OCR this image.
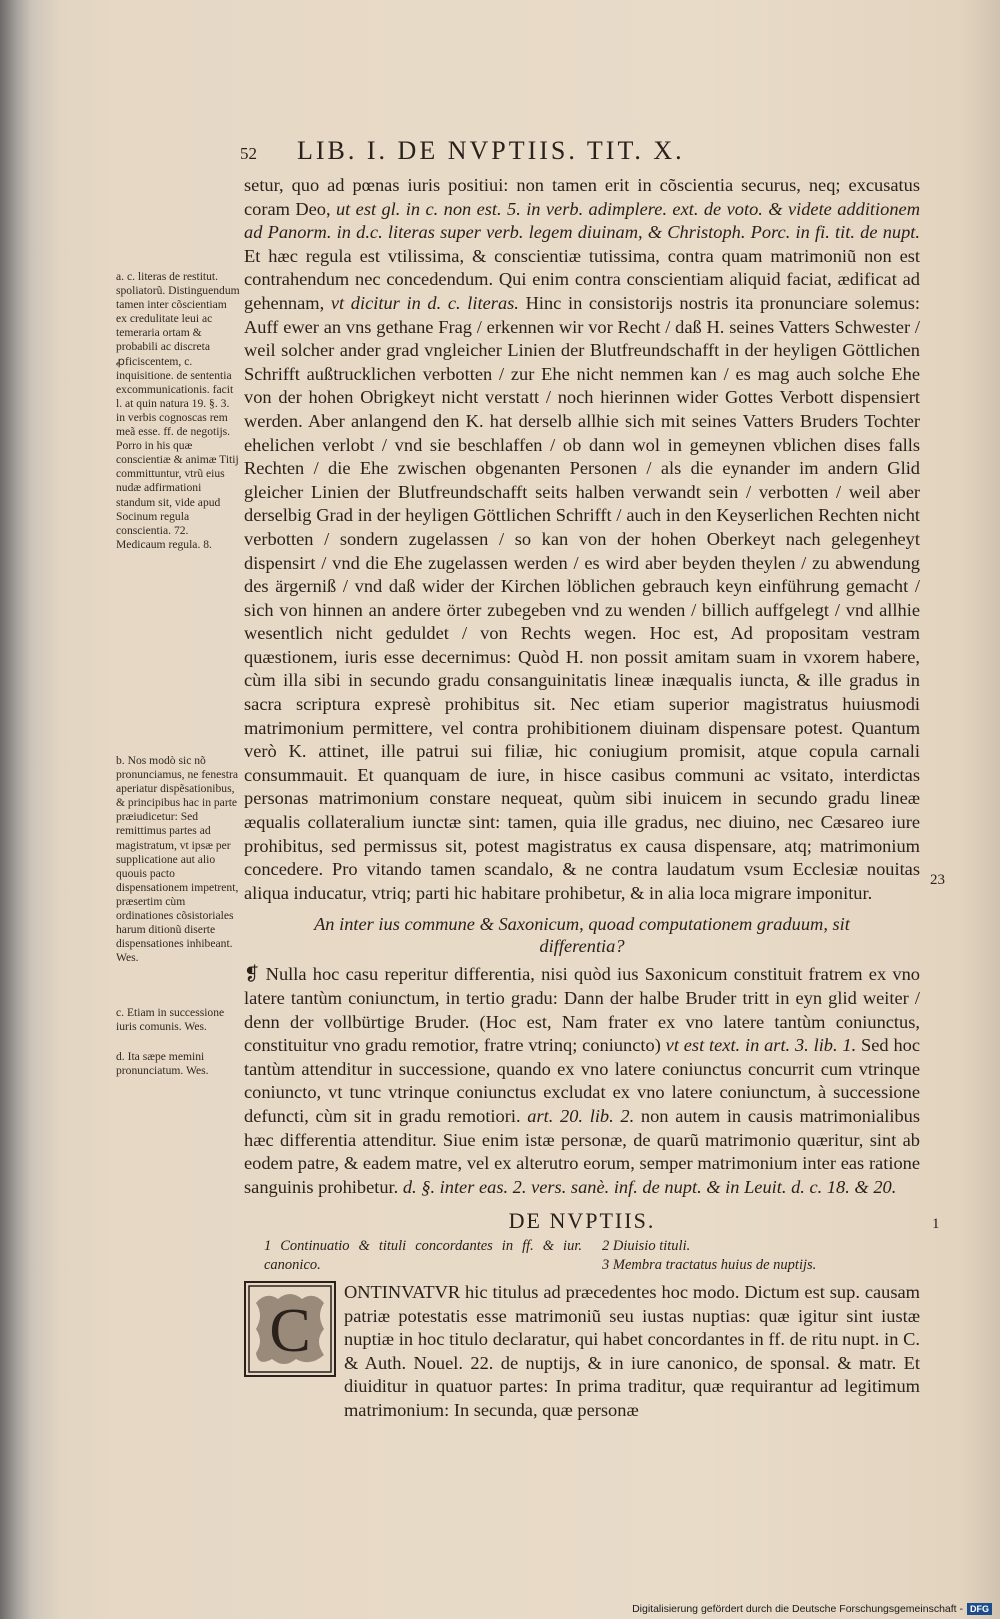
52 LIB. I. DE NVPTIIS. TIT. X.

setur, quo ad pœnas iuris positiui: non tamen erit in cõscientia securus, neq; excusatus coram Deo, ut est gl. in c. non est. 5. in verb. adimplere. ext. de voto. & videte additionem ad Panorm. in d.c. literas super verb. legem diuinam, & Christoph. Porc. in fi. tit. de nupt. Et hæc regula est vtilissima, & conscientiæ tutissima, contra quam matrimoniũ non est contrahendum nec concedendum. Qui enim contra conscientiam aliquid faciat, ædificat ad gehennam, vt dicitur in d. c. literas. Hinc in consistorijs nostris ita pronunciare solemus: Auff ewer an vns gethane Frag / erkennen wir vor Recht / daß H. seines Vatters Schwester / weil solcher ander grad vngleicher Linien der Blutfreundschafft in der heyligen Göttlichen Schrifft außtrucklichen verbotten / zur Ehe nicht nemmen kan / es mag auch solche Ehe von der hohen Obrigkeyt nicht verstatt / noch hierinnen wider Gottes Verbott dispensiert werden. Aber anlangend den K. hat derselb allhie sich mit seines Vatters Bruders Tochter ehelichen verlobt / vnd sie beschlaffen / ob dann wol in gemeynen vblichen dises falls Rechten / die Ehe zwischen obgenanten Personen / als die eynander im andern Glid gleicher Linien der Blutfreundschafft seits halben verwandt sein / verbotten / weil aber derselbig Grad in der heyligen Göttlichen Schrifft / auch in den Keyserlichen Rechten nicht verbotten / sondern zugelassen / so kan von der hohen Oberkeyt nach gelegenheyt dispensirt / vnd die Ehe zugelassen werden / es wird aber beyden theylen / zu abwendung des ärgerniß / vnd daß wider der Kirchen löblichen gebrauch keyn einführung gemacht / sich von hinnen an andere örter zubegeben vnd zu wenden / billich auffgelegt / vnd allhie wesentlich nicht geduldet / von Rechts wegen. Hoc est, Ad propositam vestram quæstionem, iuris esse decernimus: Quòd H. non possit amitam suam in vxorem habere, cùm illa sibi in secundo gradu consanguinitatis lineæ inæqualis iuncta, & ille gradus in sacra scriptura expresè prohibitus sit. Nec etiam superior magistratus huiusmodi matrimonium permittere, vel contra prohibitionem diuinam dispensare potest. Quantum verò K. attinet, ille patrui sui filiæ, hic coniugium promisit, atque copula carnali consummauit. Et quanquam de iure, in hisce casibus communi ac vsitato, interdictas personas matrimonium constare nequeat, quùm sibi inuicem in secundo gradu lineæ æqualis collateralium iunctæ sint: tamen, quia ille gradus, nec diuino, nec Cæsareo iure prohibitus, sed permissus sit, potest magistratus ex causa dispensare, atq; matrimonium concedere. Pro vitando tamen scandalo, & ne contra laudatum vsum Ecclesiæ nouitas aliqua inducatur, vtriq; parti hic habitare prohibetur, & in alia loca migrare imponitur.

An inter ius commune & Saxonicum, quoad computationem graduum, sit differentia?

❡ Nulla hoc casu reperitur differentia, nisi quòd ius Saxonicum constituit fratrem ex vno latere tantùm coniunctum, in tertio gradu: Dann der halbe Bruder tritt in eyn glid weiter / denn der vollbürtige Bruder. (Hoc est, Nam frater ex vno latere tantùm coniunctus, constituitur vno gradu remotior, fratre vtrinq; coniuncto) vt est text. in art. 3. lib. 1. Sed hoc tantùm attenditur in successione, quando ex vno latere coniunctus concurrit cum vtrinque coniuncto, vt tunc vtrinque coniunctus excludat ex vno latere coniunctum, à successione defuncti, cùm sit in gradu remotiori. art. 20. lib. 2. non autem in causis matrimonialibus hæc differentia attenditur. Siue enim istæ personæ, de quarũ matrimonio quæritur, sint ab eodem patre, & eadem matre, vel ex alterutro eorum, semper matrimonium inter eas ratione sanguinis prohibetur. d. §. inter eas. 2. vers. sanè. inf. de nupt. & in Leuit. d. c. 18. & 20.

DE NVPTIIS.
1 Continuatio & tituli concordantes in ff. & iur. canonico.
2 Diuisio tituli.
3 Membra tractatus huius de nuptijs.
C

ONTINVATVR hic titulus ad præcedentes hoc modo. Dictum est sup. causam patriæ potestatis esse matrimoniũ seu iustas nuptias: quæ igitur sint iustæ nuptiæ in hoc titulo declaratur, qui habet concordantes in ff. de ritu nupt. in C. & Auth. Nouel. 22. de nuptijs, & in iure canonico, de sponsal. & matr. Et diuiditur in quatuor partes: In prima traditur, quæ requirantur ad legitimum matrimonium: In secunda, quæ personæ

a. c. literas de restitut. spoliatorũ. Distinguendum tamen inter cõscientiam ex credulitate leui ac temeraria ortam & probabili ac discreta ꝓficiscentem, c. inquisitione. de sententia excommunicationis. facit l. at quin natura 19. §. 3. in verbis cognoscas rem meã esse. ff. de negotijs. Porro in his quæ conscientiæ & animæ Titij committuntur, vtrũ eius nudæ adfirmationi standum sit, vide apud Socinum regula conscientia. 72. Medicaum regula. 8.
b. Nos modò sic nõ pronunciamus, ne fenestra aperiatur dispẽsationibus, & principibus hac in parte præiudicetur: Sed remittimus partes ad magistratum, vt ipsæ per supplicatione aut alio quouis pacto dispensationem impetrent, præsertim cùm ordinationes cõsistoriales harum ditionũ diserte dispensationes inhibeant. Wes.
c. Etiam in successione iuris comunis. Wes.
d. Ita sæpe memini pronunciatum. Wes.
23
1
Digitalisierung gefördert durch die Deutsche Forschungsgemeinschaft - DFG
